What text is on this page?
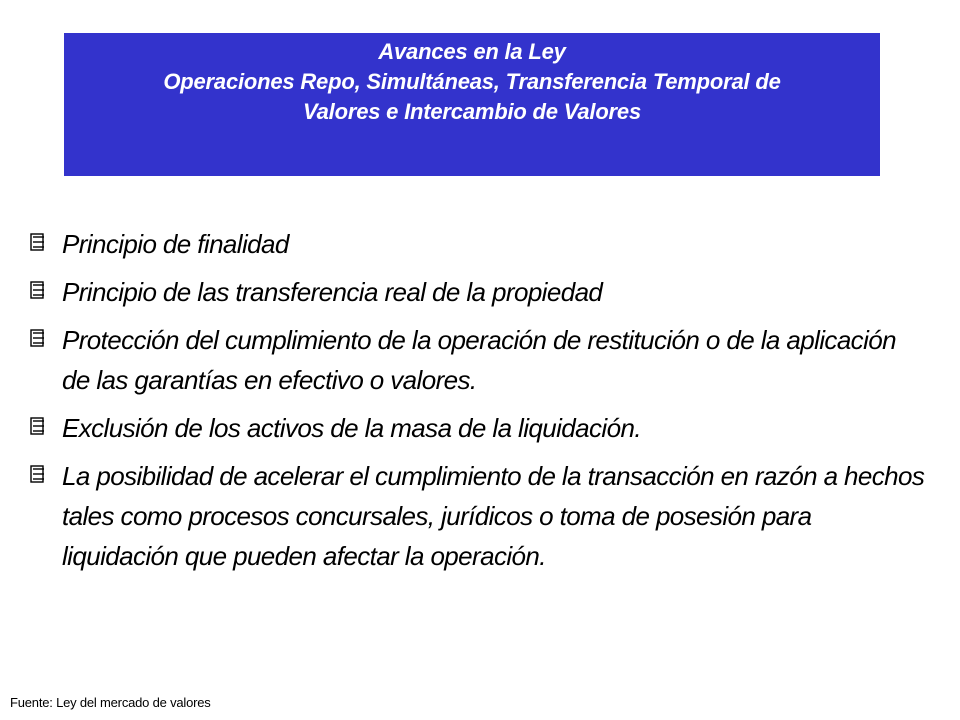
Avances en la Ley
Operaciones Repo, Simultáneas, Transferencia Temporal de
Valores e Intercambio de Valores
Principio de finalidad
Principio de las transferencia real de la propiedad
Protección del cumplimiento de la operación de restitución o de la aplicación de las garantías en efectivo o valores.
Exclusión de los activos de la masa de la liquidación.
La posibilidad de acelerar el cumplimiento de la transacción en razón a hechos tales como procesos concursales, jurídicos o toma de posesión para liquidación que pueden afectar la operación.
Fuente: Ley del mercado de valores
